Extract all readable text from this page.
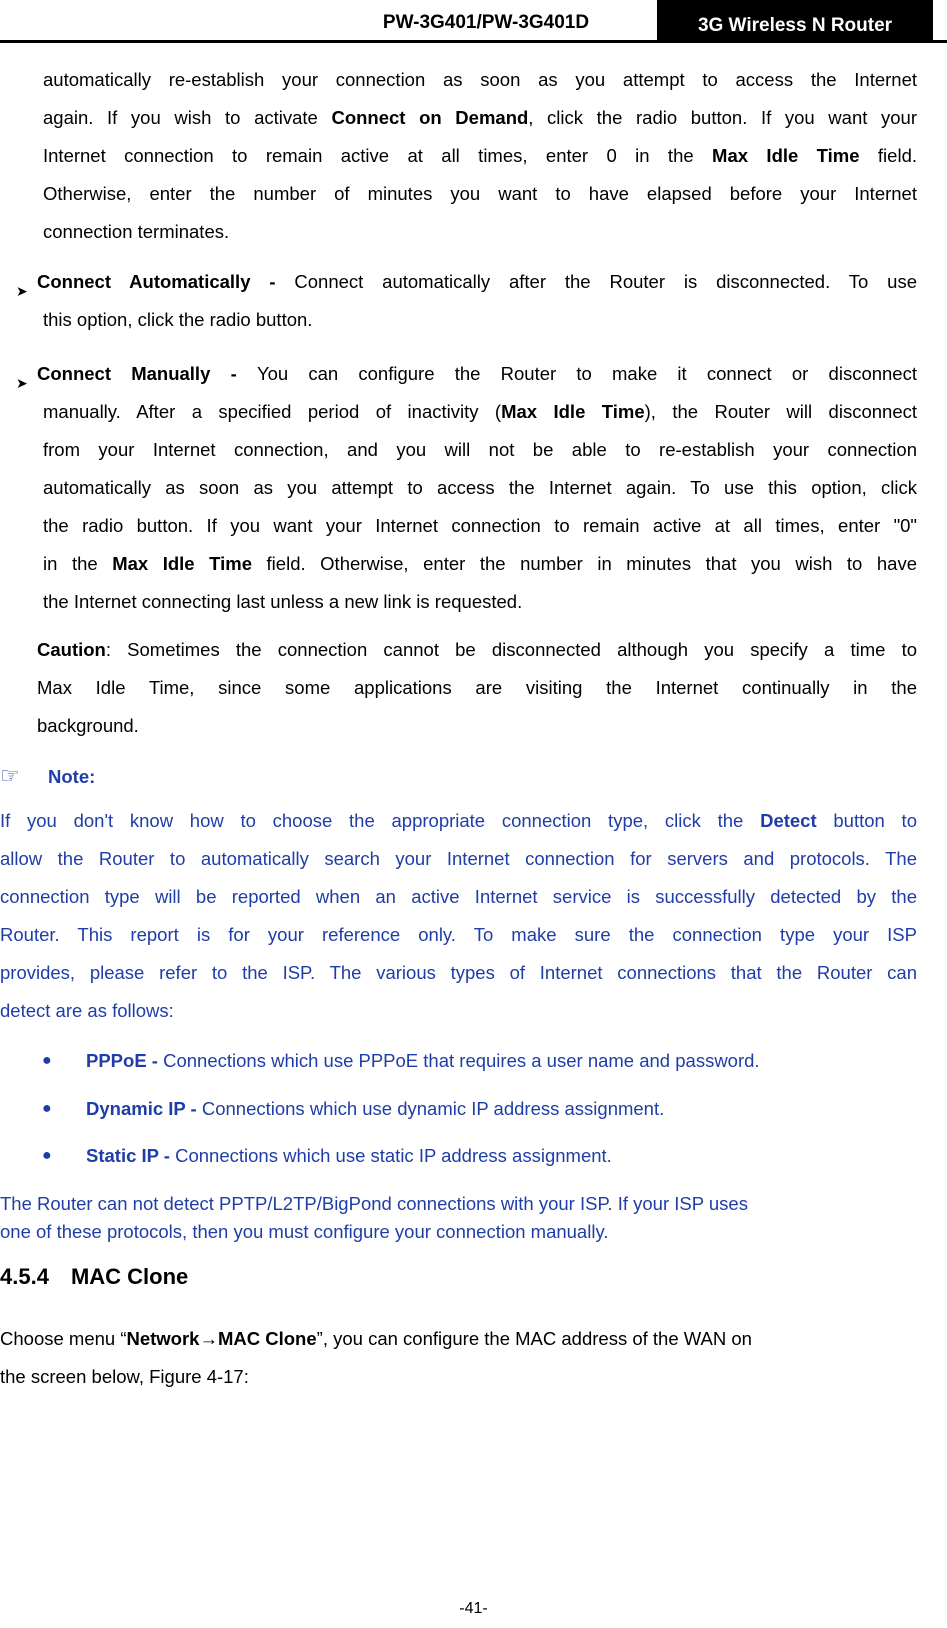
PW-3G401/PW-3G401D	3G Wireless N Router
automatically re-establish your connection as soon as you attempt to access the Internet
again. If you wish to activate Connect on Demand, click the radio button. If you want your
Internet connection to remain active at all times, enter 0 in the Max Idle Time field.
Otherwise, enter the number of minutes you want to have elapsed before your Internet
connection terminates.
➤ Connect Automatically - Connect automatically after the Router is disconnected. To use
this option, click the radio button.
➤ Connect Manually - You can configure the Router to make it connect or disconnect
manually. After a specified period of inactivity (Max Idle Time), the Router will disconnect
from your Internet connection, and you will not be able to re-establish your connection
automatically as soon as you attempt to access the Internet again. To use this option, click
the radio button. If you want your Internet connection to remain active at all times, enter "0"
in the Max Idle Time field. Otherwise, enter the number in minutes that you wish to have
the Internet connecting last unless a new link is requested.
Caution: Sometimes the connection cannot be disconnected although you specify a time to
Max Idle Time, since some applications are visiting the Internet continually in the
background.
☞ Note:
If you don't know how to choose the appropriate connection type, click the Detect button to
allow the Router to automatically search your Internet connection for servers and protocols. The
connection type will be reported when an active Internet service is successfully detected by the
Router. This report is for your reference only. To make sure the connection type your ISP
provides, please refer to the ISP. The various types of Internet connections that the Router can
detect are as follows:
● PPPoE - Connections which use PPPoE that requires a user name and password.
● Dynamic IP - Connections which use dynamic IP address assignment.
● Static IP - Connections which use static IP address assignment.
The Router can not detect PPTP/L2TP/BigPond connections with your ISP. If your ISP uses
one of these protocols, then you must configure your connection manually.
4.5.4 MAC Clone
Choose menu “Network→MAC Clone”, you can configure the MAC address of the WAN on
the screen below, Figure 4-17:
-41-
